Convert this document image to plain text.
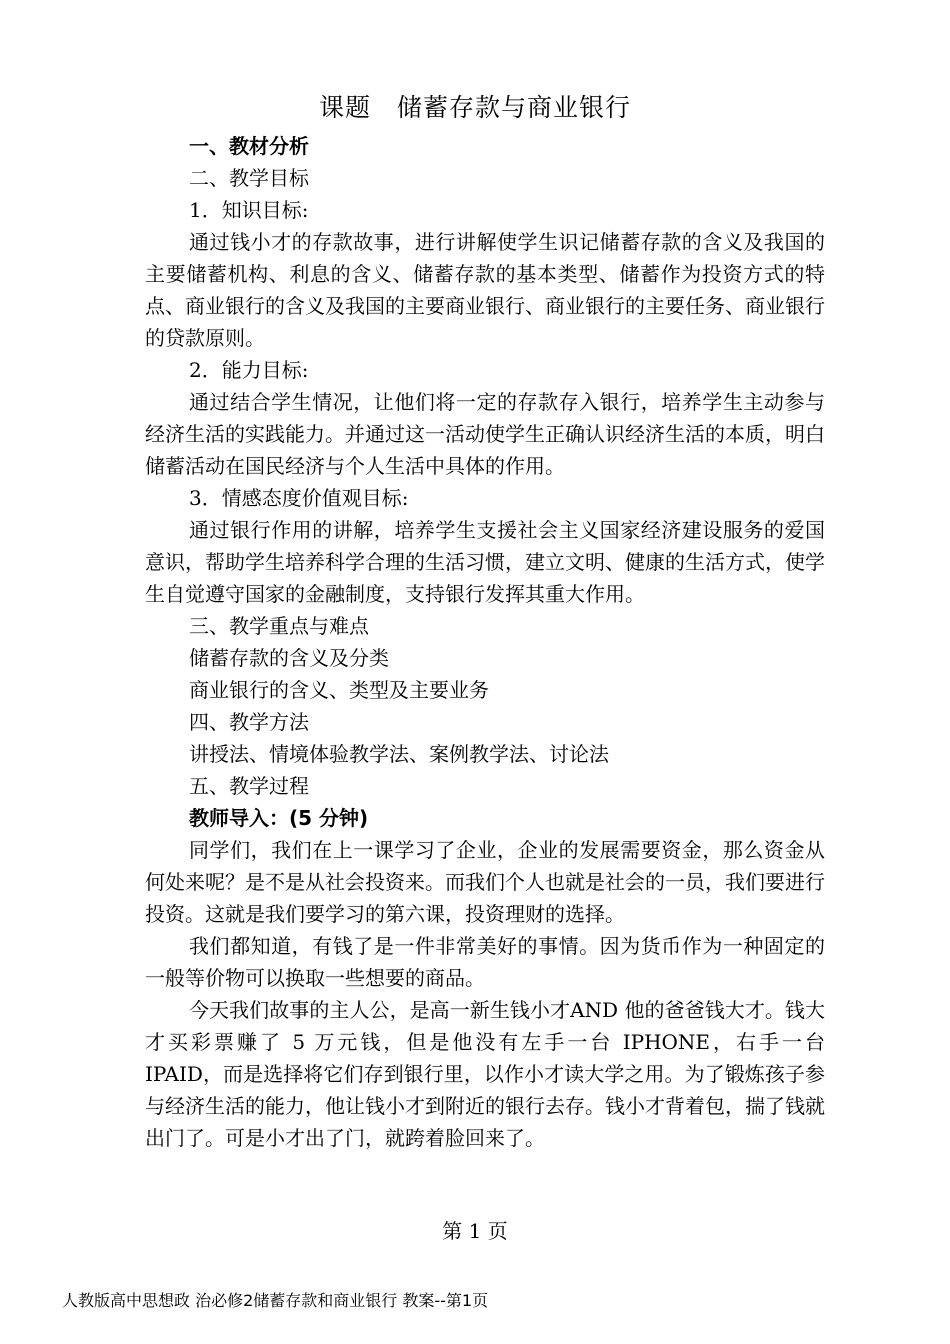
课题　储蓄存款与商业银行

一、教材分析

二、教学目标

1．知识目标:

通过钱小才的存款故事，进行讲解使学生识记储蓄存款的含义及我国的主要储蓄机构、利息的含义、储蓄存款的基本类型、储蓄作为投资方式的特点、商业银行的含义及我国的主要商业银行、商业银行的主要任务、商业银行的贷款原则。

2．能力目标:

通过结合学生情况，让他们将一定的存款存入银行，培养学生主动参与经济生活的实践能力。并通过这一活动使学生正确认识经济生活的本质，明白储蓄活动在国民经济与个人生活中具体的作用。

3．情感态度价值观目标:

通过银行作用的讲解，培养学生支援社会主义国家经济建设服务的爱国意识，帮助学生培养科学合理的生活习惯，建立文明、健康的生活方式，使学生自觉遵守国家的金融制度，支持银行发挥其重大作用。

三、教学重点与难点

储蓄存款的含义及分类

商业银行的含义、类型及主要业务

四、教学方法

讲授法、情境体验教学法、案例教学法、讨论法

五、教学过程

教师导入：(5 分钟)

同学们，我们在上一课学习了企业，企业的发展需要资金，那么资金从何处来呢？是不是从社会投资来。而我们个人也就是社会的一员，我们要进行投资。这就是我们要学习的第六课，投资理财的选择。

我们都知道，有钱了是一件非常美好的事情。因为货币作为一种固定的一般等价物可以换取一些想要的商品。

今天我们故事的主人公，是高一新生钱小才AND 他的爸爸钱大才。钱大才买彩票赚了 5 万元钱，但是他没有左手一台 IPHONE，右手一台 IPAID，而是选择将它们存到银行里，以作小才读大学之用。为了锻炼孩子参与经济生活的能力，他让钱小才到附近的银行去存。钱小才背着包，揣了钱就出门了。可是小才出了门，就跨着脸回来了。

第 1 页
人教版高中思想政 治必修2储蓄存款和商业银行 教案--第1页
